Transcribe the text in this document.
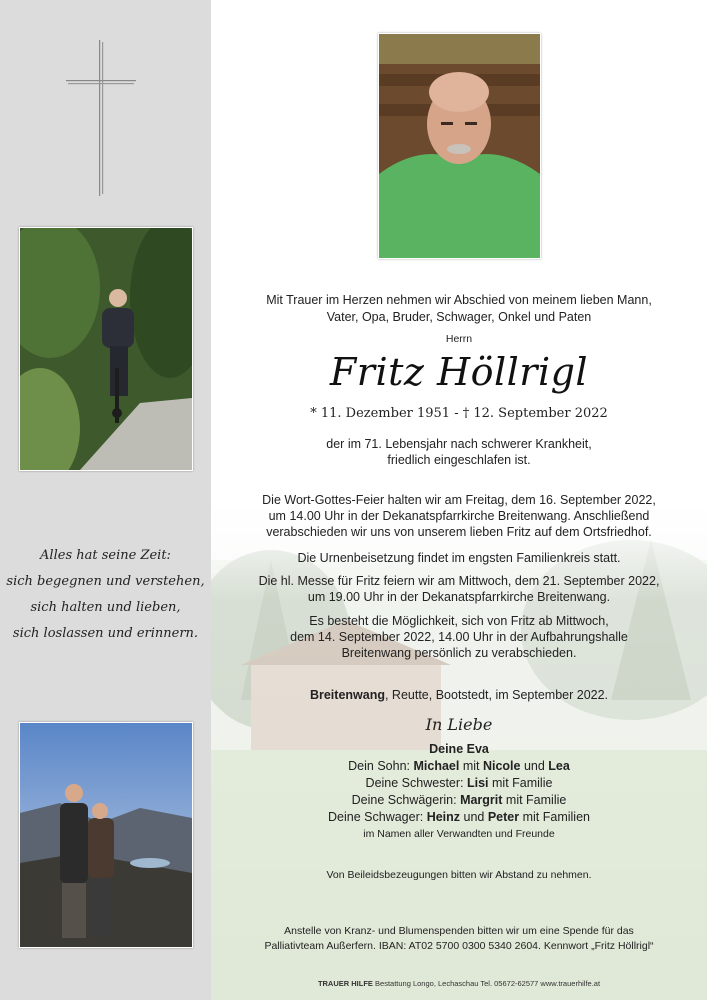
Alles hat seine Zeit:
sich begegnen und verstehen,
sich halten und lieben,
sich loslassen und erinnern.

Mit Trauer im Herzen nehmen wir Abschied von meinem lieben Mann,

Vater, Opa, Bruder, Schwager, Onkel und Paten

Herrn

Fritz Höllrigl
* 11. Dezember 1951 - † 12. September 2022

der im 71. Lebensjahr nach schwerer Krankheit,

friedlich eingeschlafen ist.

Die Wort-Gottes-Feier halten wir am Freitag, dem 16. September 2022,

um 14.00 Uhr in der Dekanatspfarrkirche Breitenwang. Anschließend

verabschieden wir uns von unserem lieben Fritz auf dem Ortsfriedhof.

Die Urnenbeisetzung findet im engsten Familienkreis statt.

Die hl. Messe für Fritz feiern wir am Mittwoch, dem 21. September 2022,

um 19.00 Uhr in der Dekanatspfarrkirche Breitenwang.

Es besteht die Möglichkeit, sich von Fritz ab Mittwoch,

dem 14. September 2022, 14.00 Uhr in der Aufbahrungshalle

Breitenwang persönlich zu verabschieden.

Breitenwang, Reutte, Bootstedt, im September 2022.

In Liebe

Deine Eva

Dein Sohn: Michael mit Nicole und Lea

Deine Schwester: Lisi mit Familie

Deine Schwägerin: Margrit mit Familie

Deine Schwager: Heinz und Peter mit Familien

im Namen aller Verwandten und Freunde

Von Beileidsbezeugungen bitten wir Abstand zu nehmen.

Anstelle von Kranz- und Blumenspenden bitten wir um eine Spende für das

Palliativteam Außerfern. IBAN: AT02 5700 0300 5340 2604. Kennwort „Fritz Höllrigl“

TRAUER HILFE Bestattung Longo, Lechaschau Tel. 05672-62577 www.trauerhilfe.at
